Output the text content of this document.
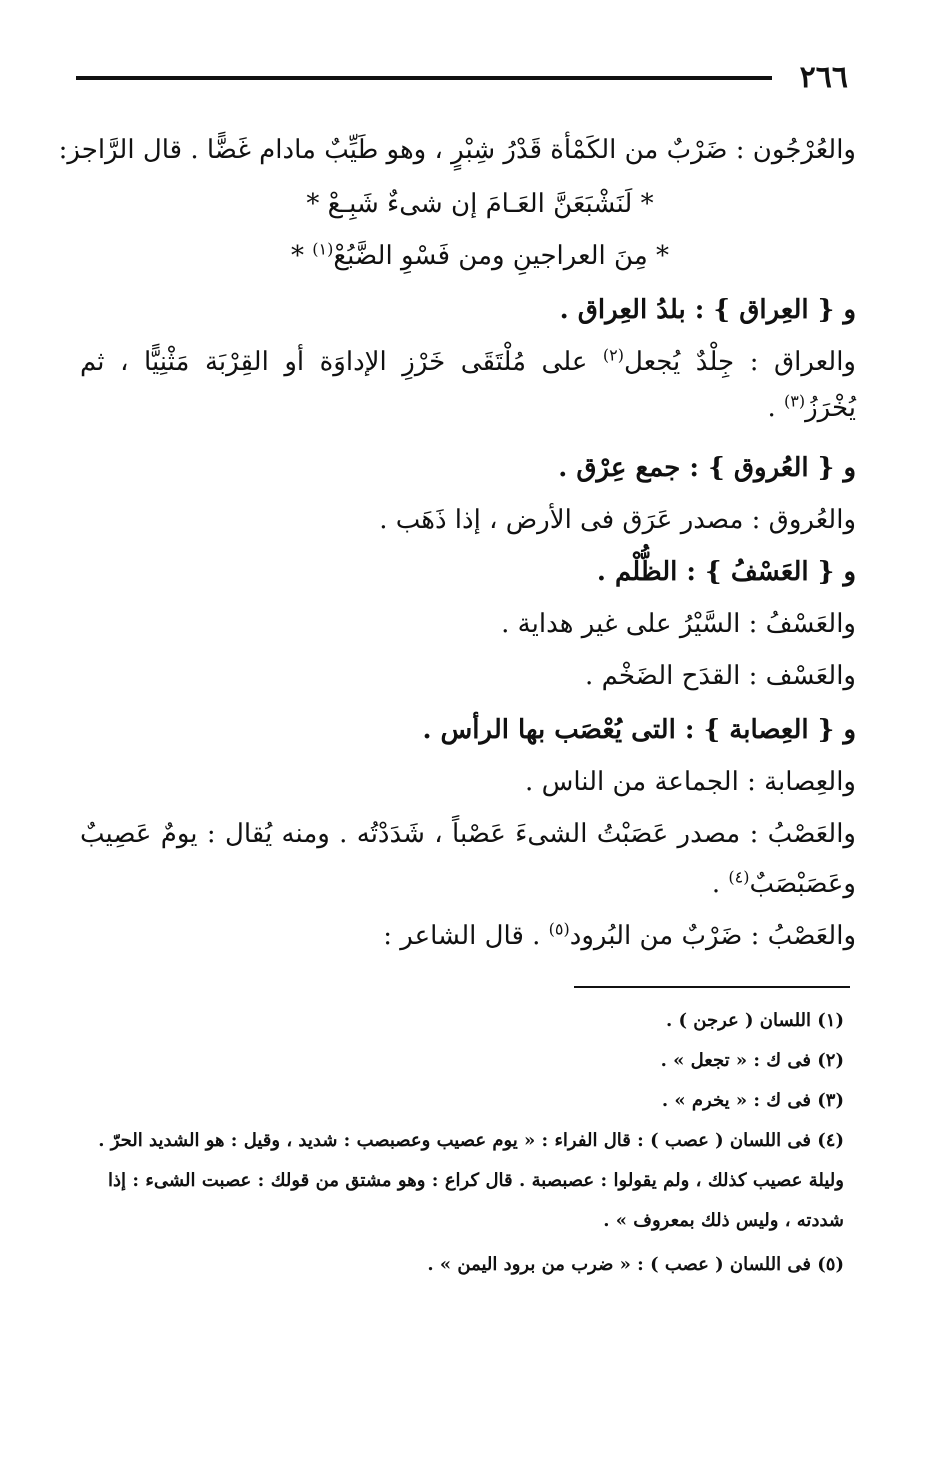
٢٦٦
والعُرْجُون : ضَرْبٌ من الكَمْأة قَدْرُ شِبْرٍ ، وهو طَيِّبٌ مادام غَضًّا . قال الرَّاجز:
* لَنَشْبَعَنَّ العَـامَ إن شىءٌ شَبِـعْ *
* مِنَ العراجينِ ومن فَسْوِ الضَّبُعْ$^{(١)}$ *
و { العِراق } : بلدُ العِراق .
والعراق : جِلْدٌ يُجعل$^{(٢)}$ على مُلْتَقَى خَرْزِ الإداوَة أو القِرْبَة مَثْنِيًّا ، ثم
يُخْرَزُ$^{(٣)}$ .
و { العُروق } : جمع عِرْق .
والعُروق : مصدر عَرَق فى الأرض ، إذا ذَهَب .
و { العَسْفُ } : الظُّلْم .
والعَسْفُ : السَّيْرُ على غير هداية .
والعَسْف : القدَح الضَخْم .
و { العِصابة } : التى يُعْصَب بها الرأس .
والعِصابة : الجماعة من الناس .
والعَصْبُ : مصدر عَصَبْتُ الشىءَ عَصْباً ، شَدَدْتُه . ومنه يُقال : يومٌ عَصِيبٌ
وعَصَبْصَبٌ$^{(٤)}$ .
والعَصْبُ : ضَرْبٌ من البُرود$^{(٥)}$ . قال الشاعر :
(١) اللسان ( عرجن ) .
(٢) فى ك : « تجعل » .
(٣) فى ك : « يخرم » .
(٤) فى اللسان ( عصب ) : قال الفراء : « يوم عصيب وعصبصب : شديد ، وقيل : هو الشديد الحرّ .
وليلة عصيب كذلك ، ولم يقولوا : عصبصبة . قال كراع : وهو مشتق من قولك : عصبت الشىء : إذا
شددته ، وليس ذلك بمعروف » .
(٥) فى اللسان ( عصب ) : « ضرب من برود اليمن » .
